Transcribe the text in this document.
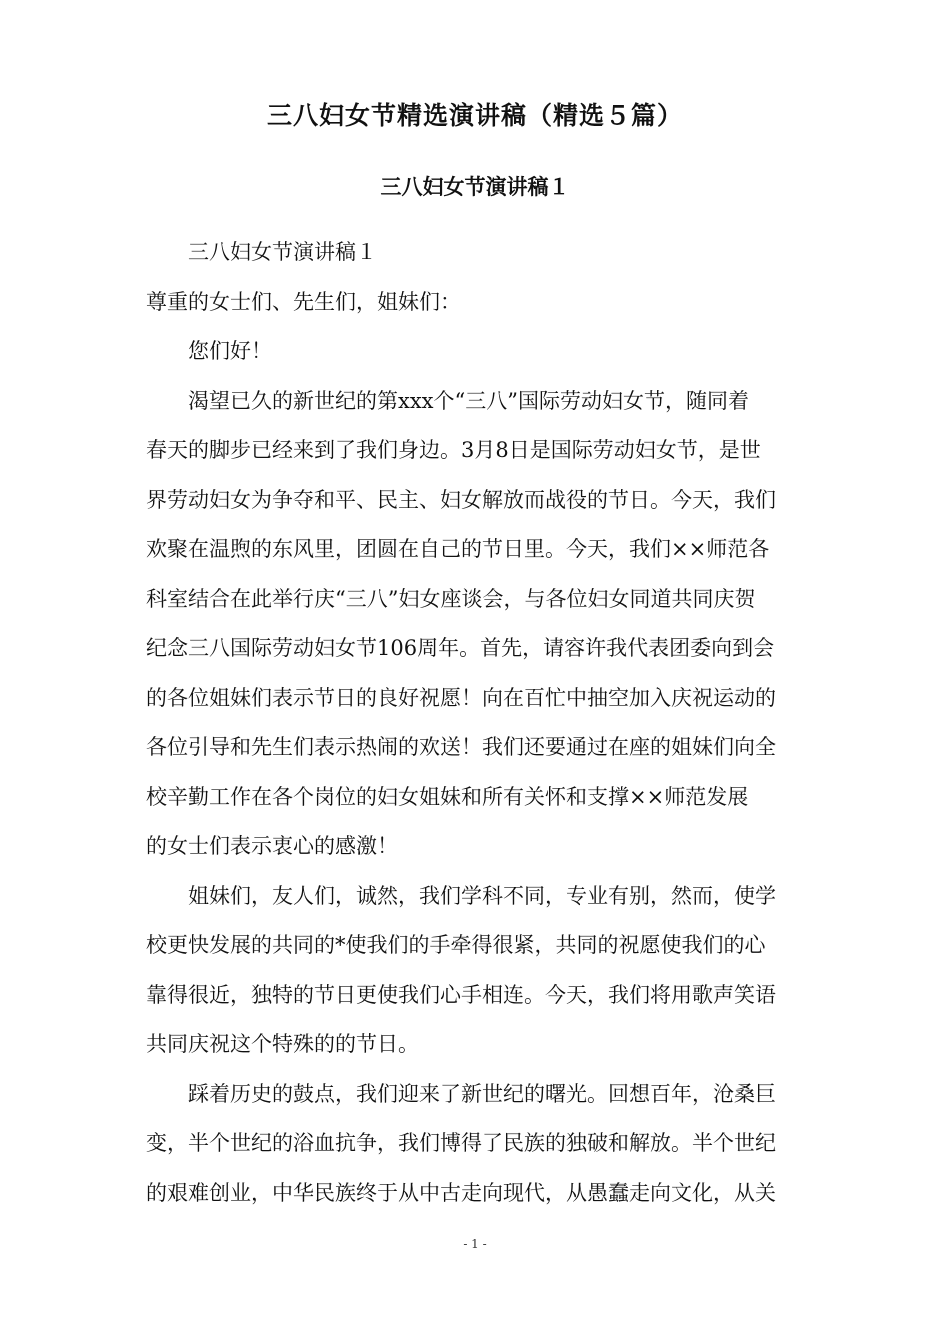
三八妇女节精选演讲稿（精选５篇）
三八妇女节演讲稿１
三八妇女节演讲稿１
尊重的女士们、先生们，姐妹们：
您们好！
渴望已久的新世纪的第xxx个“三八”国际劳动妇女节，随同着
春天的脚步已经来到了我们身边。3月8日是国际劳动妇女节，是世
界劳动妇女为争夺和平、民主、妇女解放而战役的节日。今天，我们
欢聚在温煦的东风里，团圆在自己的节日里。今天，我们××师范各
科室结合在此举行庆“三八”妇女座谈会，与各位妇女同道共同庆贺
纪念三八国际劳动妇女节106周年。首先，请容许我代表团委向到会
的各位姐妹们表示节日的良好祝愿！向在百忙中抽空加入庆祝运动的
各位引导和先生们表示热闹的欢送！我们还要通过在座的姐妹们向全
校辛勤工作在各个岗位的妇女姐妹和所有关怀和支撑××师范发展
的女士们表示衷心的感激！
姐妹们，友人们，诚然，我们学科不同，专业有别，然而，使学
校更快发展的共同的*使我们的手牵得很紧，共同的祝愿使我们的心
靠得很近，独特的节日更使我们心手相连。今天，我们将用歌声笑语
共同庆祝这个特殊的的节日。
踩着历史的鼓点，我们迎来了新世纪的曙光。回想百年，沧桑巨
变，半个世纪的浴血抗争，我们博得了民族的独破和解放。半个世纪
的艰难创业，中华民族终于从中古走向现代，从愚蠢走向文化，从关
- 1 -
